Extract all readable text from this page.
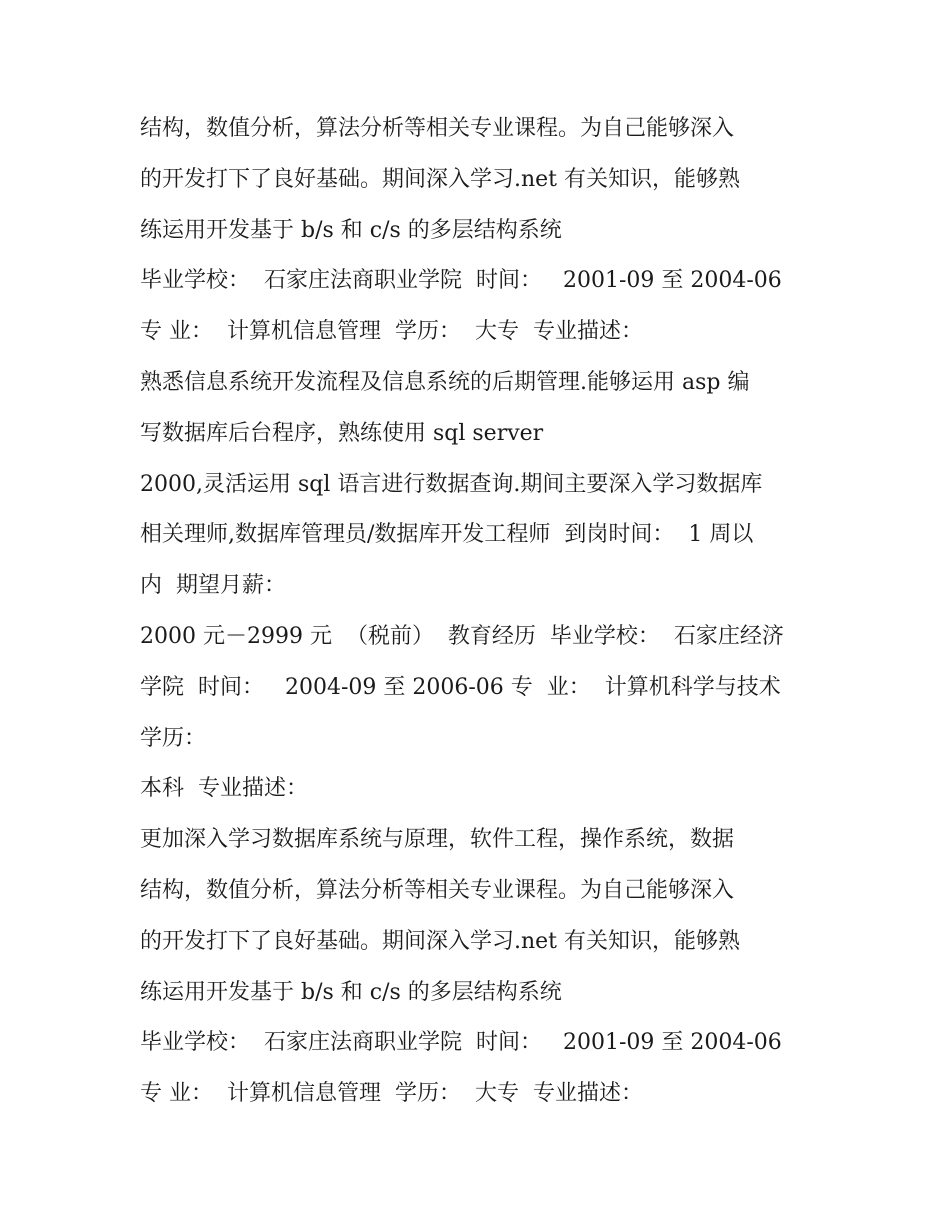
结构，数值分析，算法分析等相关专业课程。为自己能够深入

的开发打下了良好基础。期间深入学习.net 有关知识，能够熟

练运用开发基于 b/s 和 c/s 的多层结构系统

毕业学校：  石家庄法商职业学院  时间：   2001-09 至 2004-06

专 业：  计算机信息管理  学历：  大专  专业描述：

熟悉信息系统开发流程及信息系统的后期管理.能够运用 asp 编

写数据库后台程序，熟练使用 sql server

2000,灵活运用 sql 语言进行数据查询.期间主要深入学习数据库

相关理师,数据库管理员/数据库开发工程师  到岗时间：  1 周以

内  期望月薪：

2000 元－2999 元  （税前）  教育经历  毕业学校：  石家庄经济

学院  时间：   2004-09 至 2006-06 专  业：  计算机科学与技术

学历：

本科  专业描述：

更加深入学习数据库系统与原理，软件工程，操作系统，数据

结构，数值分析，算法分析等相关专业课程。为自己能够深入

的开发打下了良好基础。期间深入学习.net 有关知识，能够熟

练运用开发基于 b/s 和 c/s 的多层结构系统

毕业学校：  石家庄法商职业学院  时间：   2001-09 至 2004-06

专 业：  计算机信息管理  学历：  大专  专业描述：
